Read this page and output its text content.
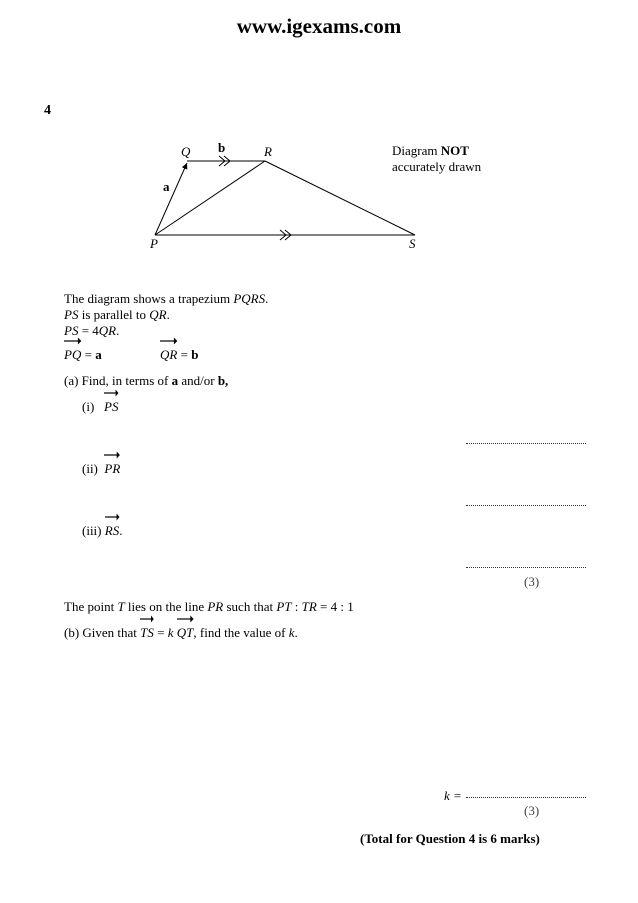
www.igexams.com
4
Q	R
b
a
P	S
Diagram NOT
accurately drawn
The diagram shows a trapezium PQRS.
PS is parallel to QR.
PS = 4QR.
PQ = a	QR = b
(a) Find, in terms of a and/or b,
(i) PS
(ii) PR
(iii) RS.
(3)
The point T lies on the line PR such that PT : TR = 4 : 1
(b) Given that TS = k QT, find the value of k.
k =
(3)
(Total for Question 4 is 6 marks)
